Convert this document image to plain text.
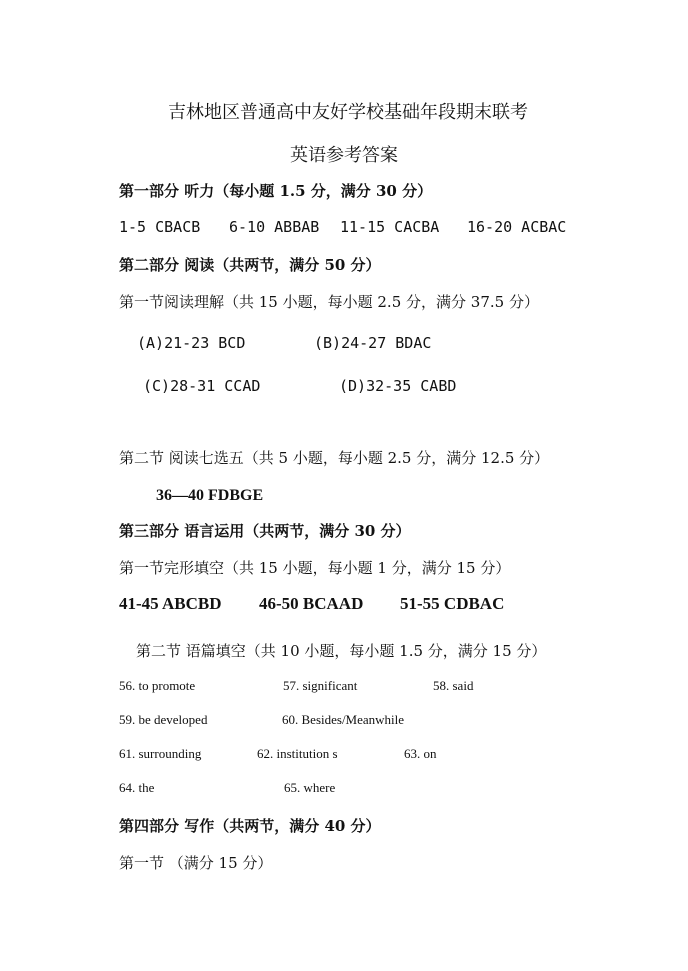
吉林地区普通高中友好学校基础年段期末联考
英语参考答案
第一部分 听力（每小题 1.5 分，满分 30 分）
1-5 CBACB 6-10 ABBAB 11-15 CACBA 16-20 ACBAC
第二部分 阅读（共两节，满分 50 分）
第一节阅读理解（共 15 小题，每小题 2.5 分，满分 37.5 分）
(A)21-23 BCD	(B)24-27 BDAC
(C)28-31 CCAD	(D)32-35 CABD
第二节 阅读七选五（共 5 小题，每小题 2.5 分，满分 12.5 分）
36—40 FDBGE
第三部分 语言运用（共两节，满分 30 分）
第一节完形填空（共 15 小题，每小题 1 分，满分 15 分）
41-45 ABCBD 46-50 BCAAD 51-55 CDBAC
第二节 语篇填空（共 10 小题，每小题 1.5 分，满分 15 分）
56. to promote	57. significant	58. said
59. be developed	60. Besides/Meanwhile
61. surrounding	62. institution s	63. on
64. the	65. where
第四部分 写作（共两节，满分 40 分）
第一节 （满分 15 分）
